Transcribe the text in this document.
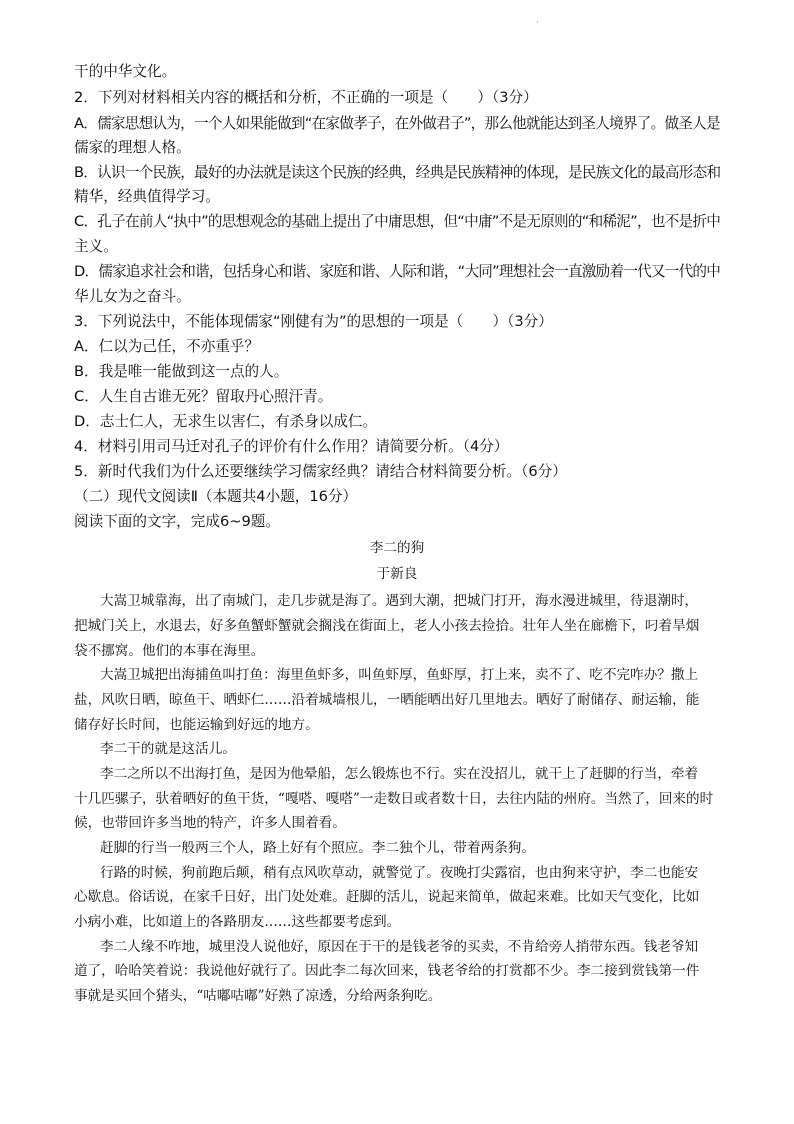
·
干的中华文化。
2．下列对材料相关内容的概括和分析，不正确的一项是（　　）（3分）
A．儒家思想认为，一个人如果能做到“在家做孝子，在外做君子”，那么他就能达到圣人境界了。做圣人是
儒家的理想人格。
B．认识一个民族，最好的办法就是读这个民族的经典，经典是民族精神的体现，是民族文化的最高形态和
精华，经典值得学习。
C．孔子在前人“执中”的思想观念的基础上提出了中庸思想，但“中庸”不是无原则的“和稀泥”，也不是折中
主义。
D．儒家追求社会和谐，包括身心和谐、家庭和谐、人际和谐，“大同”理想社会一直激励着一代又一代的中
华儿女为之奋斗。
3．下列说法中，不能体现儒家“刚健有为”的思想的一项是（　　）（3分）
A．仁以为己任，不亦重乎？
B．我是唯一能做到这一点的人。
C．人生自古谁无死？留取丹心照汗青。
D．志士仁人，无求生以害仁，有杀身以成仁。
4．材料引用司马迁对孔子的评价有什么作用？请简要分析。（4分）
5．新时代我们为什么还要继续学习儒家经典？请结合材料简要分析。（6分）
（二）现代文阅读Ⅱ（本题共4小题，16分）
阅读下面的文字，完成6~9题。
李二的狗
于新良
大嵩卫城靠海，出了南城门，走几步就是海了。遇到大潮，把城门打开，海水漫进城里，待退潮时，
把城门关上，水退去，好多鱼蟹虾蟹就会搁浅在街面上，老人小孩去捡拾。壮年人坐在廊檐下，叼着旱烟
袋不挪窝。他们的本事在海里。
大嵩卫城把出海捕鱼叫打鱼：海里鱼虾多，叫鱼虾厚，鱼虾厚，打上来，卖不了、吃不完咋办？撒上
盐，风吹日晒，晾鱼干、晒虾仁……沿着城墙根儿，一晒能晒出好几里地去。晒好了耐储存、耐运输，能
储存好长时间，也能运输到好远的地方。
李二干的就是这活儿。
李二之所以不出海打鱼，是因为他晕船，怎么锻炼也不行。实在没招儿，就干上了赶脚的行当，牵着
十几匹骡子，驮着晒好的鱼干货，“嘎嗒、嘎嗒”一走数日或者数十日，去往内陆的州府。当然了，回来的时
候，也带回许多当地的特产，许多人围着看。
赶脚的行当一般两三个人，路上好有个照应。李二独个儿，带着两条狗。
行路的时候，狗前跑后颠，稍有点风吹草动，就警觉了。夜晚打尖露宿，也由狗来守护，李二也能安
心歇息。俗话说，在家千日好，出门处处难。赶脚的活儿，说起来简单，做起来难。比如天气变化，比如
小病小难，比如道上的各路朋友……这些都要考虑到。
李二人缘不咋地，城里没人说他好，原因在于干的是钱老爷的买卖，不肯给旁人捎带东西。钱老爷知
道了，哈哈笑着说：我说他好就行了。因此李二每次回来，钱老爷给的打赏都不少。李二接到赏钱第一件
事就是买回个猪头，“咕嘟咕嘟”好熟了凉透，分给两条狗吃。
